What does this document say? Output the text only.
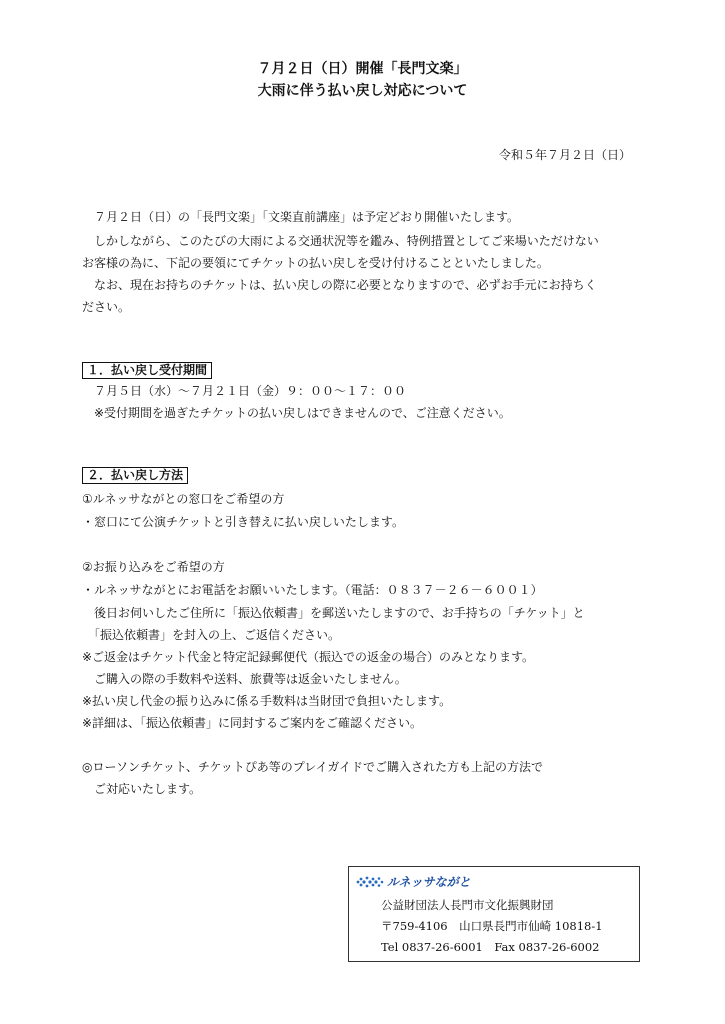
７月２日（日）開催「長門文楽」
大雨に伴う払い戻し対応について
令和５年７月２日（日）
　７月２日（日）の「長門文楽」「文楽直前講座」は予定どおり開催いたします。
　しかしながら、このたびの大雨による交通状況等を鑑み、特例措置としてご来場いただけない
お客様の為に、下記の要領にてチケットの払い戻しを受け付けることといたしました。
　なお、現在お持ちのチケットは、払い戻しの際に必要となりますので、必ずお手元にお持ちく
ださい。
１．払い戻し受付期間
　７月５日（水）～７月２１日（金）９：００～１７：００
　※受付期間を過ぎたチケットの払い戻しはできませんので、ご注意ください。
２．払い戻し方法
①ルネッサながとの窓口をご希望の方
・窓口にて公演チケットと引き替えに払い戻しいたします。
②お振り込みをご希望の方
・ルネッサながとにお電話をお願いいたします。（電話：０８３７－２６－６００１）
　後日お伺いしたご住所に「振込依頼書」を郵送いたしますので、お手持ちの「チケット」と
　「振込依頼書」を封入の上、ご返信ください。
※ご返金はチケット代金と特定記録郵便代（振込での返金の場合）のみとなります。
　ご購入の際の手数料や送料、旅費等は返金いたしません。
※払い戻し代金の振り込みに係る手数料は当財団で負担いたします。
※詳細は、「振込依頼書」に同封するご案内をご確認ください。
◎ローソンチケット、チケットぴあ等のプレイガイドでご購入された方も上記の方法で
　ご対応いたします。
ルネッサながと
公益財団法人長門市文化振興財団
〒759-4106　山口県長門市仙崎 10818-1
Tel 0837-26-6001　Fax 0837-26-6002
